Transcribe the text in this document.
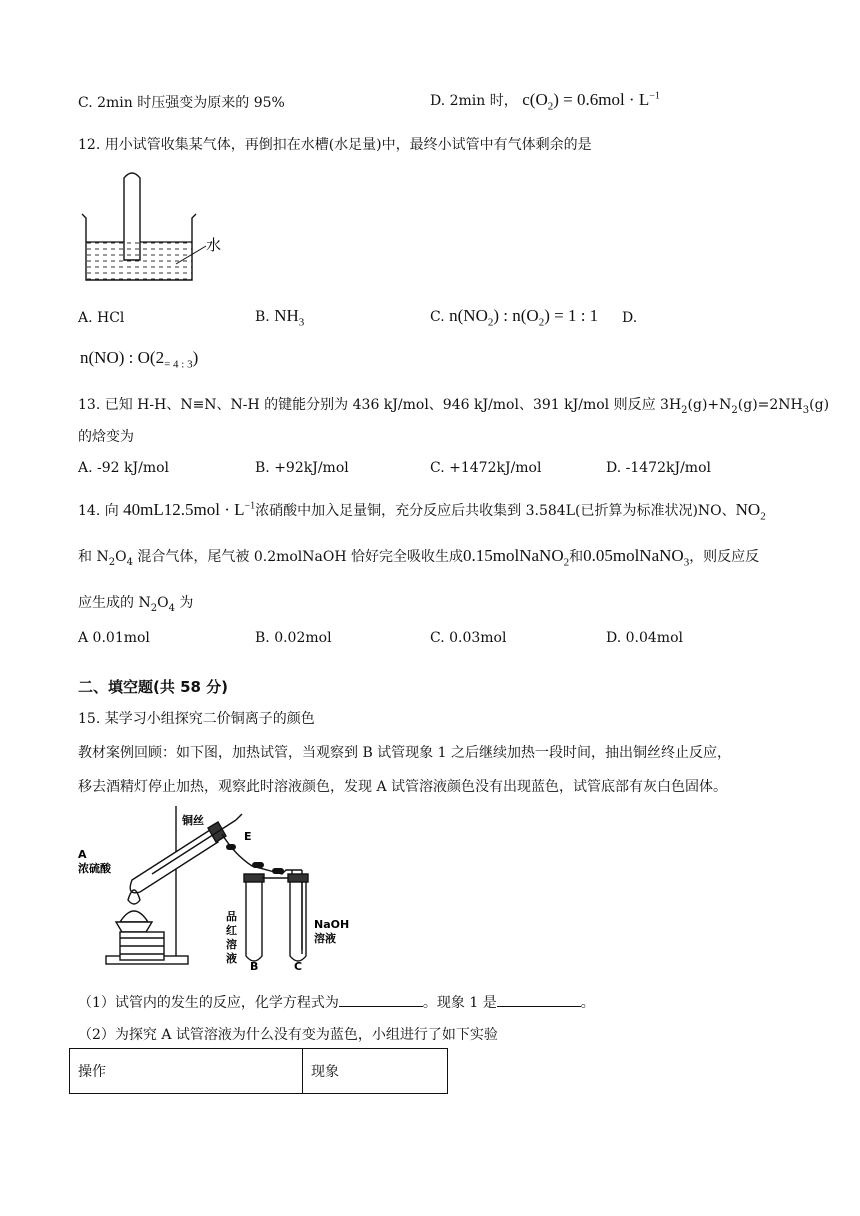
C. 2min 时压强变为原来的 95%	D. 2min 时， $c(O_2) = 0.6mol \cdot L^{-1}$
12. 用小试管收集某气体，再倒扣在水槽(水足量)中，最终小试管中有气体剩余的是
水
A. HCl	B. $NH_3$	C. $n(NO_2)$ : $n(O_2) = 1$ : 1 D.
n(NO) : $O(2_{= 4 : 3})$
13. 已知 H-H、N≡N、N-H 的键能分别为 436 kJ/mol、946 kJ/mol、391 kJ/mol 则反应 $3H_2(g)+N_2(g)=2NH_3(g)$
的焓变为
A. -92 kJ/mol	B. +92kJ/mol	C. +1472kJ/mol	D. -1472kJ/mol
14. 向 $40mL12.5mol \cdot L^{-1}$浓硝酸中加入足量铜，充分反应后共收集到 3.584L(已折算为标准状况)NO、$NO_2$
和 $N_2O_4$ 混合气体，尾气被 0.2molNaOH 恰好完全吸收生成0.15molNaNO$_2$和0.05molNaNO$_3$，则反应反
应生成的 $N_2O_4$ 为
A 0.01mol	B. 0.02mol	C. 0.03mol	D. 0.04mol
二、填空题(共 58 分)
15. 某学习小组探究二价铜离子的颜色
教材案例回顾：如下图，加热试管，当观察到 B 试管现象 1 之后继续加热一段时间，抽出铜丝终止反应，
移去酒精灯停止加热，观察此时溶液颜色，发现 A 试管溶液颜色没有出现蓝色，试管底部有灰白色固体。
铜丝
E
A
浓硫酸
品
红
溶
液
B
NaOH
溶液
C
（1）试管内的发生的反应，化学方程式为	。现象 1 是	。
（2）为探究 A 试管溶液为什么没有变为蓝色，小组进行了如下实验
操作	现象
